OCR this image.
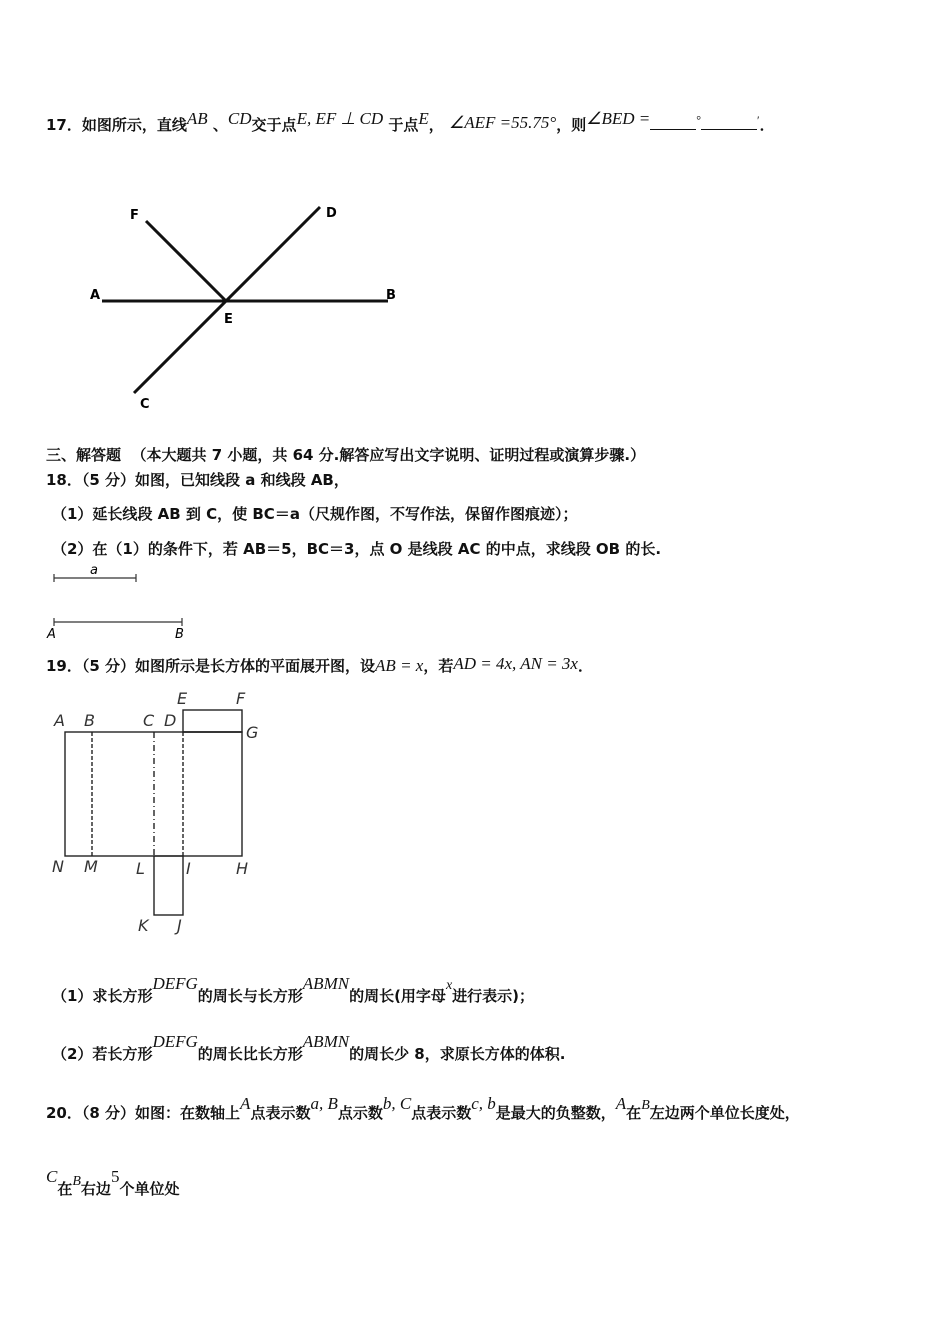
17．如图所示，直线AB 、CD交于点E, EF ⊥ CD 于点E， ∠AEF =55.75°，则∠BED =	°	′．
F	D
A	B
E
C
三、解答题 （本大题共 7 小题，共 64 分.解答应写出文字说明、证明过程或演算步骤.）
18．（5 分）如图，已知线段 a 和线段 AB，
（1）延长线段 AB 到 C，使 BC＝a（尺规作图，不写作法，保留作图痕迹）；
（2）在（1）的条件下，若 AB＝5，BC＝3，点 O 是线段 AC 的中点，求线段 OB 的长.
a
A	B
19．（5 分）如图所示是长方体的平面展开图，设AB = x，若AD = 4x, AN = 3x．
A B	C D
E	F
G
H
I
J
K
L
M
N
（1）求长方形DEFG的周长与长方形ABMN的周长(用字母x进行表示)；
（2）若长方形DEFG的周长比长方形ABMN的周长少 8，求原长方体的体积.
20．（8 分）如图：在数轴上A点表示数a, B点示数b, C点表示数c, b是最大的负整数，A在B左边两个单位长度处，
C在B右边5个单位处
